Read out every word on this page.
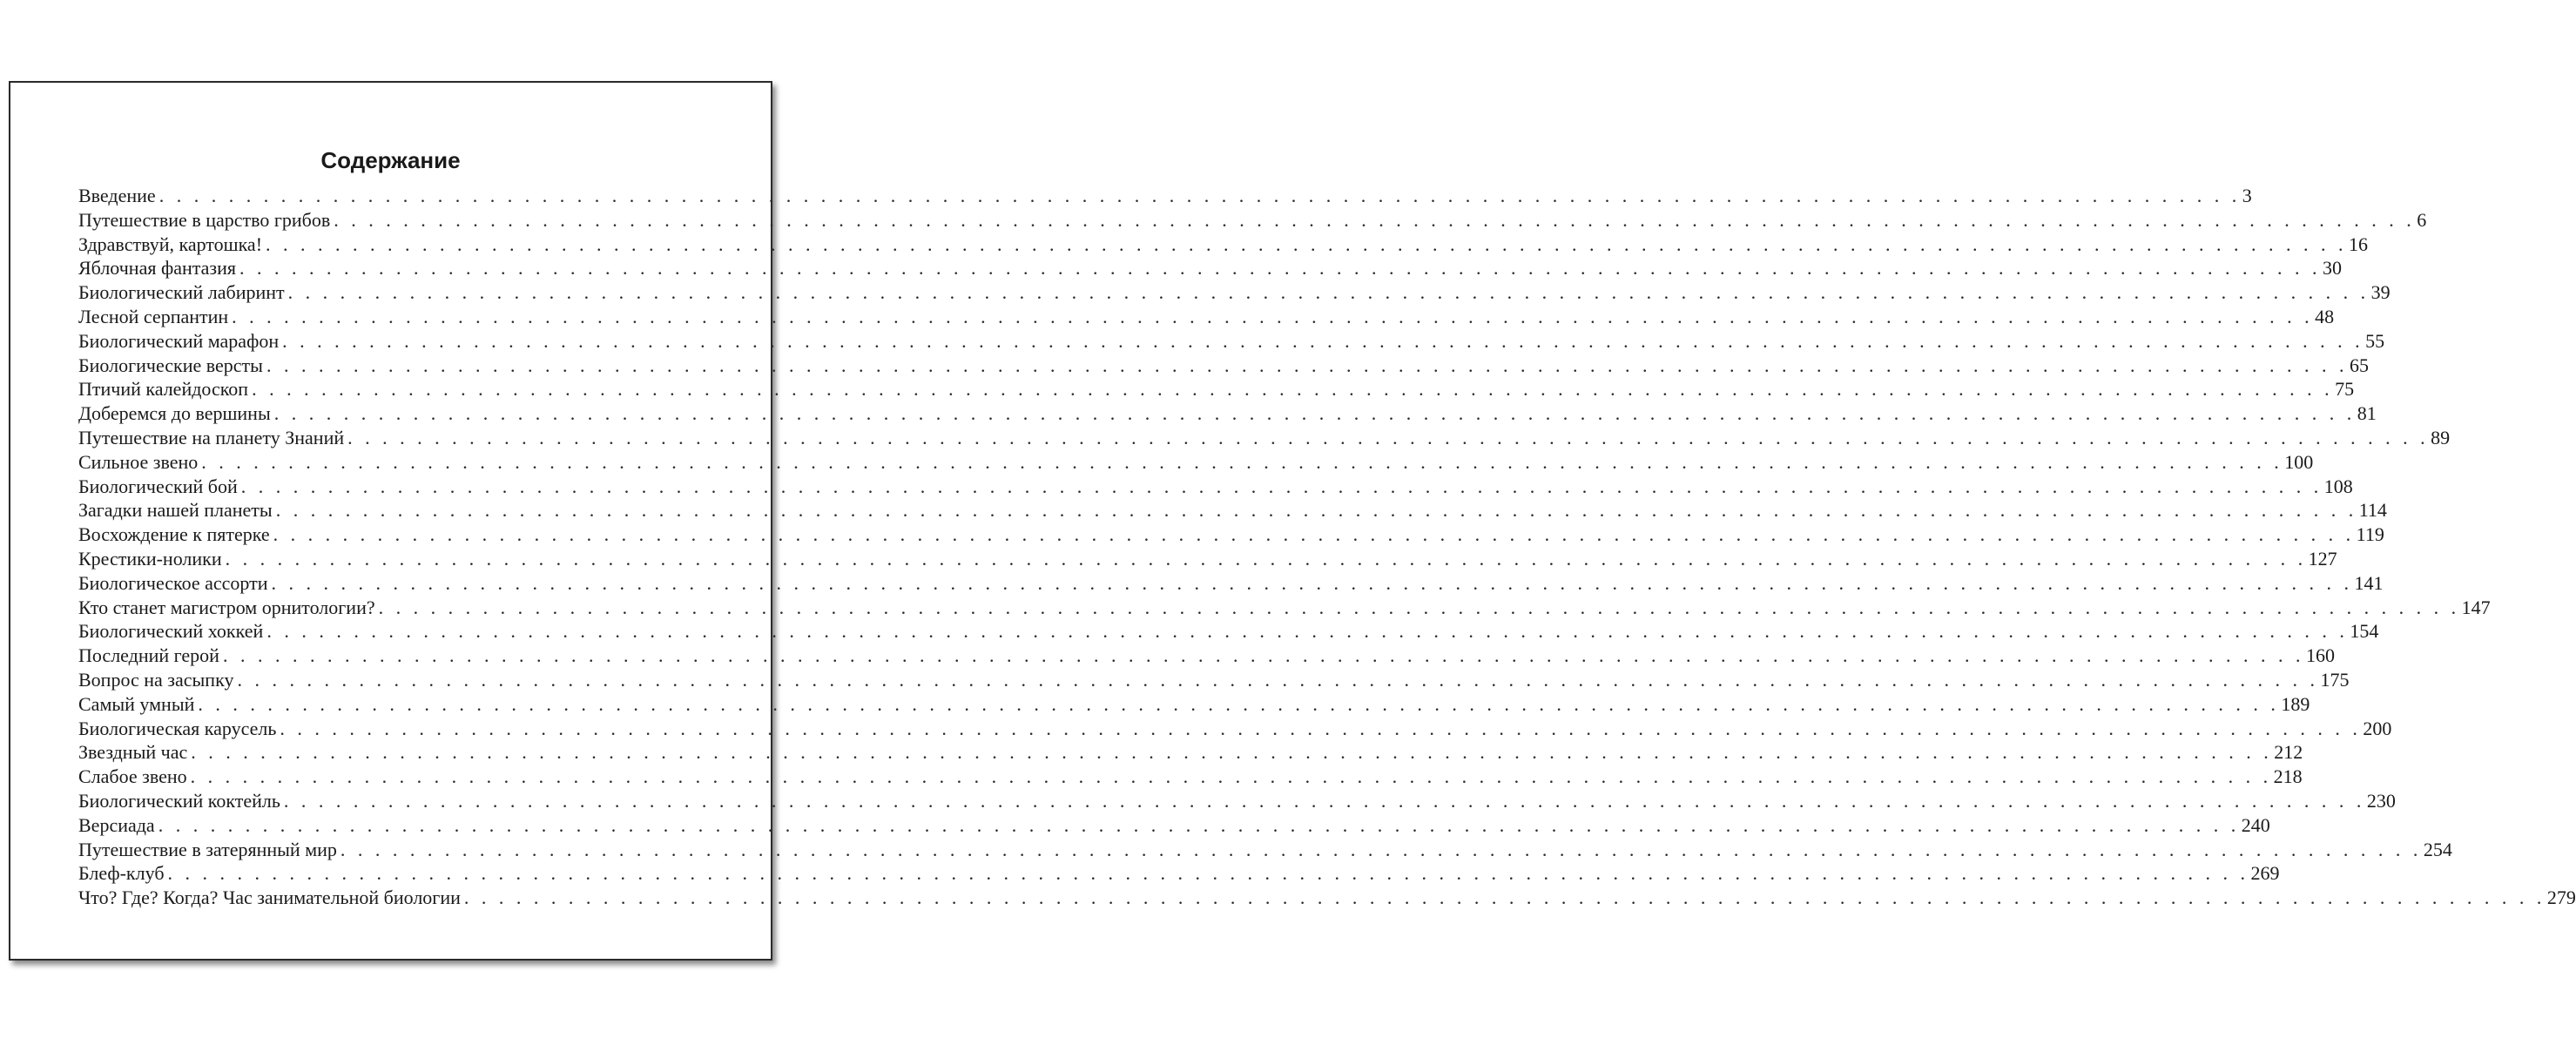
Содержание
Введение . . . . . . . . . . . . . . . . . . . . . . . . . . . . . . . . . . . . . . . . . . . . . . . . . . . . . . . . . . . . . . . . . . . . . . . . . . . . . . . . . . . . . . . . . . . . . . . . . . . . . . . . . . . . . . . . . . . . . . . . 3
Путешествие в царство грибов . . . . . . . . . . . . . . . . . . . . . . . . . . . . . . . . . . . . . . . . . . . . . . . . . . . . . . . . . . . . . . . . . . . . . . . . . . . . . . . . . . . . . . . . . . . . . . . . . . . . . . . . . . . . . . . . . . . . . . . . 6
Здравствуй, картошка! . . . . . . . . . . . . . . . . . . . . . . . . . . . . . . . . . . . . . . . . . . . . . . . . . . . . . . . . . . . . . . . . . . . . . . . . . . . . . . . . . . . . . . . . . . . . . . . . . . . . . . . . . . . . . . . . . . . . . . . . 16
Яблочная фантазия . . . . . . . . . . . . . . . . . . . . . . . . . . . . . . . . . . . . . . . . . . . . . . . . . . . . . . . . . . . . . . . . . . . . . . . . . . . . . . . . . . . . . . . . . . . . . . . . . . . . . . . . . . . . . . . . . . . . . . . . 30
Биологический лабиринт . . . . . . . . . . . . . . . . . . . . . . . . . . . . . . . . . . . . . . . . . . . . . . . . . . . . . . . . . . . . . . . . . . . . . . . . . . . . . . . . . . . . . . . . . . . . . . . . . . . . . . . . . . . . . . . . . . . . . . . . 39
Лесной серпантин . . . . . . . . . . . . . . . . . . . . . . . . . . . . . . . . . . . . . . . . . . . . . . . . . . . . . . . . . . . . . . . . . . . . . . . . . . . . . . . . . . . . . . . . . . . . . . . . . . . . . . . . . . . . . . . . . . . . . . . . 48
Биологический марафон . . . . . . . . . . . . . . . . . . . . . . . . . . . . . . . . . . . . . . . . . . . . . . . . . . . . . . . . . . . . . . . . . . . . . . . . . . . . . . . . . . . . . . . . . . . . . . . . . . . . . . . . . . . . . . . . . . . . . . . . 55
Биологические версты . . . . . . . . . . . . . . . . . . . . . . . . . . . . . . . . . . . . . . . . . . . . . . . . . . . . . . . . . . . . . . . . . . . . . . . . . . . . . . . . . . . . . . . . . . . . . . . . . . . . . . . . . . . . . . . . . . . . . . . . 65
Птичий калейдоскоп . . . . . . . . . . . . . . . . . . . . . . . . . . . . . . . . . . . . . . . . . . . . . . . . . . . . . . . . . . . . . . . . . . . . . . . . . . . . . . . . . . . . . . . . . . . . . . . . . . . . . . . . . . . . . . . . . . . . . . . . 75
Доберемся до вершины . . . . . . . . . . . . . . . . . . . . . . . . . . . . . . . . . . . . . . . . . . . . . . . . . . . . . . . . . . . . . . . . . . . . . . . . . . . . . . . . . . . . . . . . . . . . . . . . . . . . . . . . . . . . . . . . . . . . . . . . 81
Путешествие на планету Знаний . . . . . . . . . . . . . . . . . . . . . . . . . . . . . . . . . . . . . . . . . . . . . . . . . . . . . . . . . . . . . . . . . . . . . . . . . . . . . . . . . . . . . . . . . . . . . . . . . . . . . . . . . . . . . . . . . . . . . . . . 89
Сильное звено . . . . . . . . . . . . . . . . . . . . . . . . . . . . . . . . . . . . . . . . . . . . . . . . . . . . . . . . . . . . . . . . . . . . . . . . . . . . . . . . . . . . . . . . . . . . . . . . . . . . . . . . . . . . . . . . . . . . . . . . 100
Биологический бой . . . . . . . . . . . . . . . . . . . . . . . . . . . . . . . . . . . . . . . . . . . . . . . . . . . . . . . . . . . . . . . . . . . . . . . . . . . . . . . . . . . . . . . . . . . . . . . . . . . . . . . . . . . . . . . . . . . . . . . . 108
Загадки нашей планеты . . . . . . . . . . . . . . . . . . . . . . . . . . . . . . . . . . . . . . . . . . . . . . . . . . . . . . . . . . . . . . . . . . . . . . . . . . . . . . . . . . . . . . . . . . . . . . . . . . . . . . . . . . . . . . . . . . . . . . . . 114
Восхождение к пятерке . . . . . . . . . . . . . . . . . . . . . . . . . . . . . . . . . . . . . . . . . . . . . . . . . . . . . . . . . . . . . . . . . . . . . . . . . . . . . . . . . . . . . . . . . . . . . . . . . . . . . . . . . . . . . . . . . . . . . . . . 119
Крестики-нолики . . . . . . . . . . . . . . . . . . . . . . . . . . . . . . . . . . . . . . . . . . . . . . . . . . . . . . . . . . . . . . . . . . . . . . . . . . . . . . . . . . . . . . . . . . . . . . . . . . . . . . . . . . . . . . . . . . . . . . . . 127
Биологическое ассорти . . . . . . . . . . . . . . . . . . . . . . . . . . . . . . . . . . . . . . . . . . . . . . . . . . . . . . . . . . . . . . . . . . . . . . . . . . . . . . . . . . . . . . . . . . . . . . . . . . . . . . . . . . . . . . . . . . . . . . . . 141
Кто станет магистром орнитологии? . . . . . . . . . . . . . . . . . . . . . . . . . . . . . . . . . . . . . . . . . . . . . . . . . . . . . . . . . . . . . . . . . . . . . . . . . . . . . . . . . . . . . . . . . . . . . . . . . . . . . . . . . . . . . . . . . . . . . . . . 147
Биологический хоккей . . . . . . . . . . . . . . . . . . . . . . . . . . . . . . . . . . . . . . . . . . . . . . . . . . . . . . . . . . . . . . . . . . . . . . . . . . . . . . . . . . . . . . . . . . . . . . . . . . . . . . . . . . . . . . . . . . . . . . . . 154
Последний герой . . . . . . . . . . . . . . . . . . . . . . . . . . . . . . . . . . . . . . . . . . . . . . . . . . . . . . . . . . . . . . . . . . . . . . . . . . . . . . . . . . . . . . . . . . . . . . . . . . . . . . . . . . . . . . . . . . . . . . . . 160
Вопрос на засыпку . . . . . . . . . . . . . . . . . . . . . . . . . . . . . . . . . . . . . . . . . . . . . . . . . . . . . . . . . . . . . . . . . . . . . . . . . . . . . . . . . . . . . . . . . . . . . . . . . . . . . . . . . . . . . . . . . . . . . . . . 175
Самый умный . . . . . . . . . . . . . . . . . . . . . . . . . . . . . . . . . . . . . . . . . . . . . . . . . . . . . . . . . . . . . . . . . . . . . . . . . . . . . . . . . . . . . . . . . . . . . . . . . . . . . . . . . . . . . . . . . . . . . . . . 189
Биологическая карусель . . . . . . . . . . . . . . . . . . . . . . . . . . . . . . . . . . . . . . . . . . . . . . . . . . . . . . . . . . . . . . . . . . . . . . . . . . . . . . . . . . . . . . . . . . . . . . . . . . . . . . . . . . . . . . . . . . . . . . . . 200
Звездный час . . . . . . . . . . . . . . . . . . . . . . . . . . . . . . . . . . . . . . . . . . . . . . . . . . . . . . . . . . . . . . . . . . . . . . . . . . . . . . . . . . . . . . . . . . . . . . . . . . . . . . . . . . . . . . . . . . . . . . . . 212
Слабое звено . . . . . . . . . . . . . . . . . . . . . . . . . . . . . . . . . . . . . . . . . . . . . . . . . . . . . . . . . . . . . . . . . . . . . . . . . . . . . . . . . . . . . . . . . . . . . . . . . . . . . . . . . . . . . . . . . . . . . . . . 218
Биологический коктейль . . . . . . . . . . . . . . . . . . . . . . . . . . . . . . . . . . . . . . . . . . . . . . . . . . . . . . . . . . . . . . . . . . . . . . . . . . . . . . . . . . . . . . . . . . . . . . . . . . . . . . . . . . . . . . . . . . . . . . . . 230
Версиада . . . . . . . . . . . . . . . . . . . . . . . . . . . . . . . . . . . . . . . . . . . . . . . . . . . . . . . . . . . . . . . . . . . . . . . . . . . . . . . . . . . . . . . . . . . . . . . . . . . . . . . . . . . . . . . . . . . . . . . . 240
Путешествие в затерянный мир . . . . . . . . . . . . . . . . . . . . . . . . . . . . . . . . . . . . . . . . . . . . . . . . . . . . . . . . . . . . . . . . . . . . . . . . . . . . . . . . . . . . . . . . . . . . . . . . . . . . . . . . . . . . . . . . . . . . . . . . 254
Блеф-клуб . . . . . . . . . . . . . . . . . . . . . . . . . . . . . . . . . . . . . . . . . . . . . . . . . . . . . . . . . . . . . . . . . . . . . . . . . . . . . . . . . . . . . . . . . . . . . . . . . . . . . . . . . . . . . . . . . . . . . . . . 269
Что? Где? Когда? Час занимательной биологии . . . . . . . . . . . . . . . . . . . . . . . . . . . . . . . . . . . . . . . . . . . . . . . . . . . . . . . . . . . . . . . . . . . . . . . . . . . . . . . . . . . . . . . . . . . . . . . . . . . . . . . . . . . . . . . . . . . . . . . . 279
